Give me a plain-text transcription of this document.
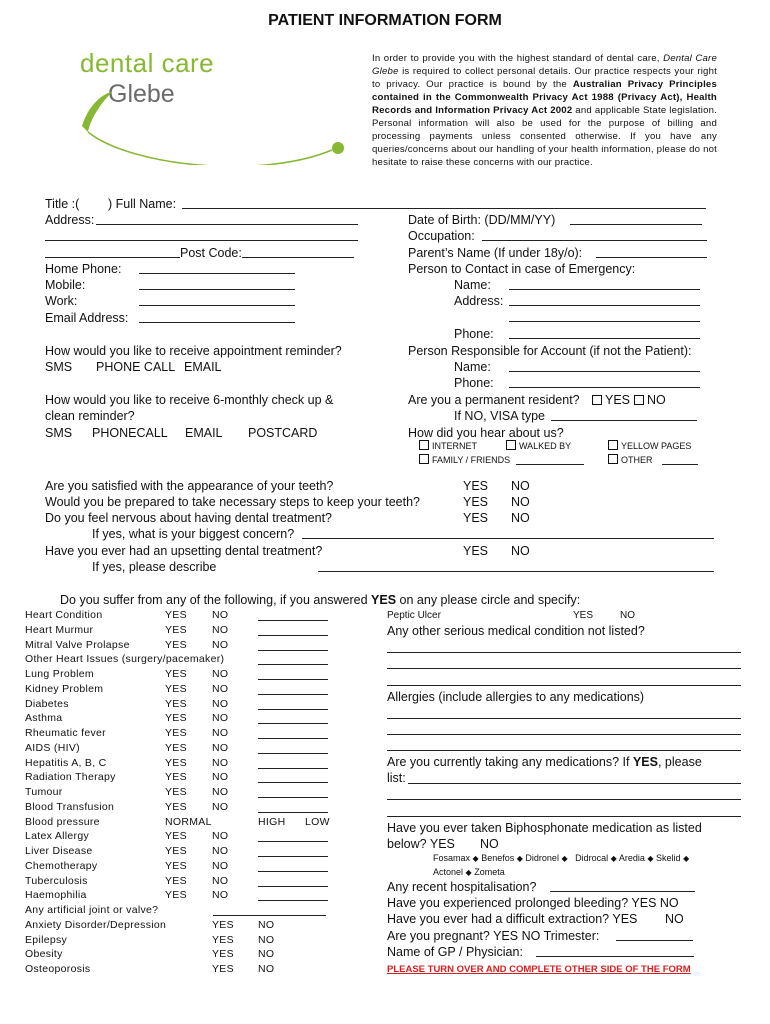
PATIENT INFORMATION FORM
dental care
Glebe
In order to provide you with the highest standard of dental care, Dental Care Glebe is required to collect personal details. Our practice respects your right to privacy. Our practice is bound by the Australian Privacy Principles contained in the Commonwealth Privacy Act 1988 (Privacy Act), Health Records and Information Privacy Act 2002 and applicable State legislation. Personal information will also be used for the purpose of billing and processing payments unless consented otherwise. If you have any queries/concerns about our handling of your health information, please do not hesitate to raise these concerns with our practice.
Title :( ) Full Name:
Address:
Post Code:
Home Phone:
Mobile:
Work:
Email Address:
Date of Birth: (DD/MM/YY)
Occupation:
Parent’s Name (If under 18y/o):
Person to Contact in case of Emergency:
Name:
Address:
Phone:
Person Responsible for Account (if not the Patient):
Name:
Phone:
How would you like to receive appointment reminder?
SMS PHONE CALL EMAIL
How would you like to receive 6-monthly check up &
clean reminder?
SMS PHONECALL EMAIL POSTCARD
Are you a permanent resident?	YES	NO
If NO, VISA type
How did you hear about us?
INTERNET	WALKED BY	YELLOW PAGES
FAMILY / FRIENDS	OTHER
Are you satisfied with the appearance of your teeth?	YES NO
Would you be prepared to take necessary steps to keep your teeth?	YES NO
Do you feel nervous about having dental treatment?	YES NO
If yes, what is your biggest concern?
Have you ever had an upsetting dental treatment?	YES NO
If yes, please describe
Do you suffer from any of the following, if you answered YES on any please circle and specify:
Heart Condition	YES NO
Heart Murmur	YES NO
Mitral Valve Prolapse	YES NO
Other Heart Issues (surgery/pacemaker)
Lung Problem	YES NO
Kidney Problem	YES NO
Diabetes	YES NO
Asthma	YES NO
Rheumatic fever	YES NO
AIDS (HIV)	YES NO
Hepatitis A, B, C	YES NO
Radiation Therapy	YES NO
Tumour	YES NO
Blood Transfusion	YES NO
Blood pressure	NORMAL	HIGH LOW
Latex Allergy	YES NO
Liver Disease	YES NO
Chemotherapy	YES NO
Tuberculosis	YES NO
Haemophilia	YES NO
Any artificial joint or valve?
Anxiety Disorder/Depression	YES NO
Epilepsy	YES NO
Obesity	YES NO
Osteoporosis	YES NO
Peptic Ulcer	YES	NO
Any other serious medical condition not listed?
Allergies (include allergies to any medications)
Are you currently taking any medications? If YES, please
list:
Have you ever taken Biphosphonate medication as listed
below? YES NO
Fosamax ◆ Benefos ◆ Didronel ◆ Didrocal ◆ Aredia ◆ Skelid ◆
Actonel ◆ Zometa
Any recent hospitalisation?
Have you experienced prolonged bleeding? YES NO
Have you ever had a difficult extraction? YES NO
Are you pregnant? YES NO Trimester:
Name of GP / Physician:
PLEASE TURN OVER AND COMPLETE OTHER SIDE OF THE FORM
